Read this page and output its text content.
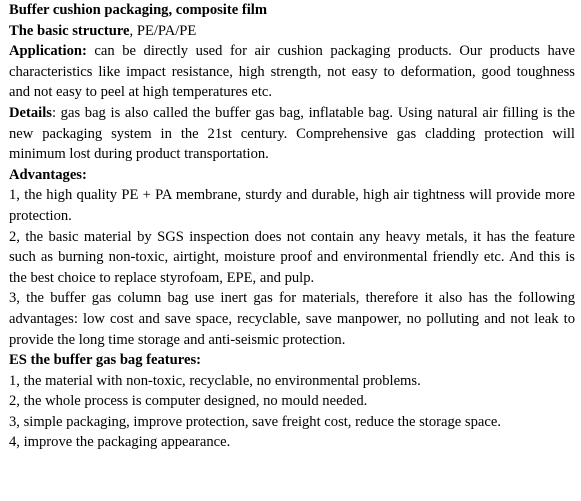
Buffer cushion packaging, composite film
The basic structure, PE/PA/PE
Application: can be directly used for air cushion packaging products. Our products have characteristics like impact resistance, high strength, not easy to deformation, good toughness and not easy to peel at high temperatures etc.
Details: gas bag is also called the buffer gas bag, inflatable bag. Using natural air filling is the new packaging system in the 21st century. Comprehensive gas cladding protection will minimum lost during product transportation.
Advantages:
1, the high quality PE + PA membrane, sturdy and durable, high air tightness will provide more protection.
2, the basic material by SGS inspection does not contain any heavy metals, it has the feature such as burning non-toxic, airtight, moisture proof and environmental friendly etc. And this is the best choice to replace styrofoam, EPE, and pulp.
3, the buffer gas column bag use inert gas for materials, therefore it also has the following advantages: low cost and save space, recyclable, save manpower, no polluting and not leak to provide the long time storage and anti-seismic protection.
ES the buffer gas bag features:
1, the material with non-toxic, recyclable, no environmental problems.
2, the whole process is computer designed, no mould needed.
3, simple packaging, improve protection, save freight cost, reduce the storage space.
4, improve the packaging appearance.
